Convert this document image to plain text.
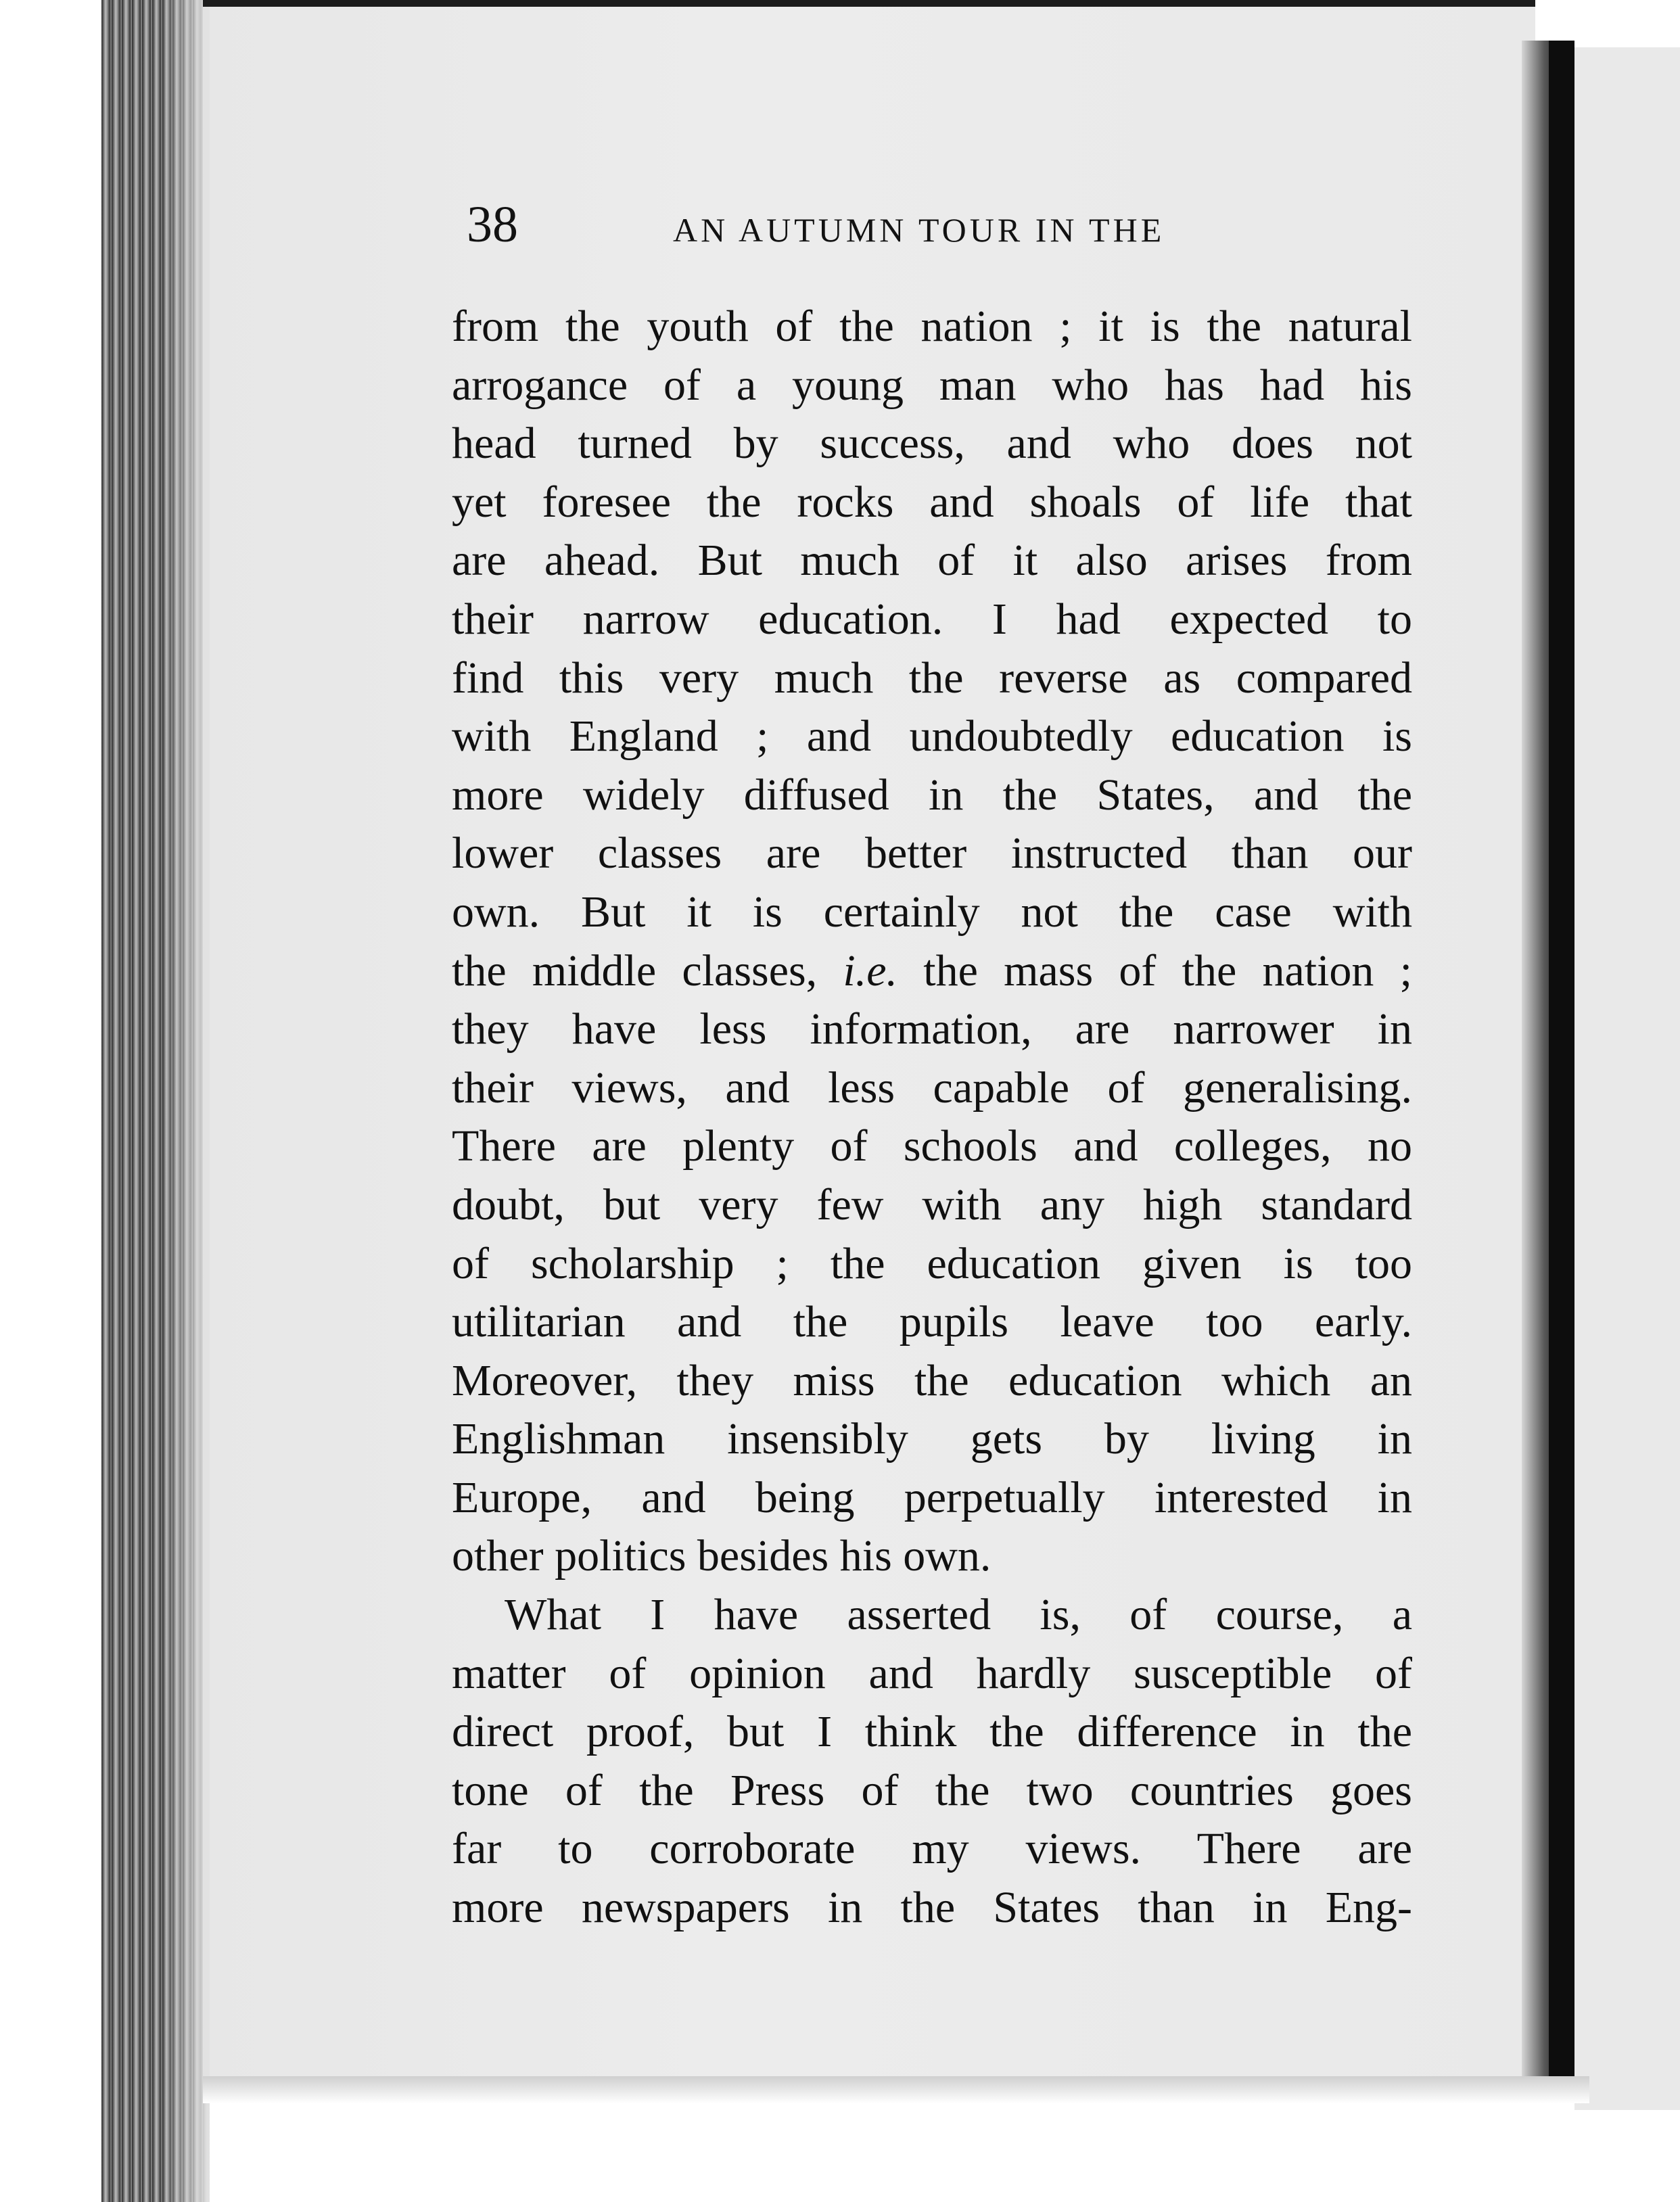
38	AN AUTUMN TOUR IN THE
from the youth of the nation ; it is the natural
arrogance of a young man who has had his
head turned by success, and who does not
yet foresee the rocks and shoals of life that
are ahead. But much of it also arises from
their narrow education. I had expected to
find this very much the reverse as compared
with England ; and undoubtedly education is
more widely diffused in the States, and the
lower classes are better instructed than our
own. But it is certainly not the case with
the middle classes, i.e. the mass of the nation ;
they have less information, are narrower in
their views, and less capable of generalising.
There are plenty of schools and colleges, no
doubt, but very few with any high standard
of scholarship ; the education given is too
utilitarian and the pupils leave too early.
Moreover, they miss the education which an
Englishman insensibly gets by living in
Europe, and being perpetually interested in
other politics besides his own.
What I have asserted is, of course, a
matter of opinion and hardly susceptible of
direct proof, but I think the difference in the
tone of the Press of the two countries goes
far to corroborate my views. There are
more newspapers in the States than in Eng-
